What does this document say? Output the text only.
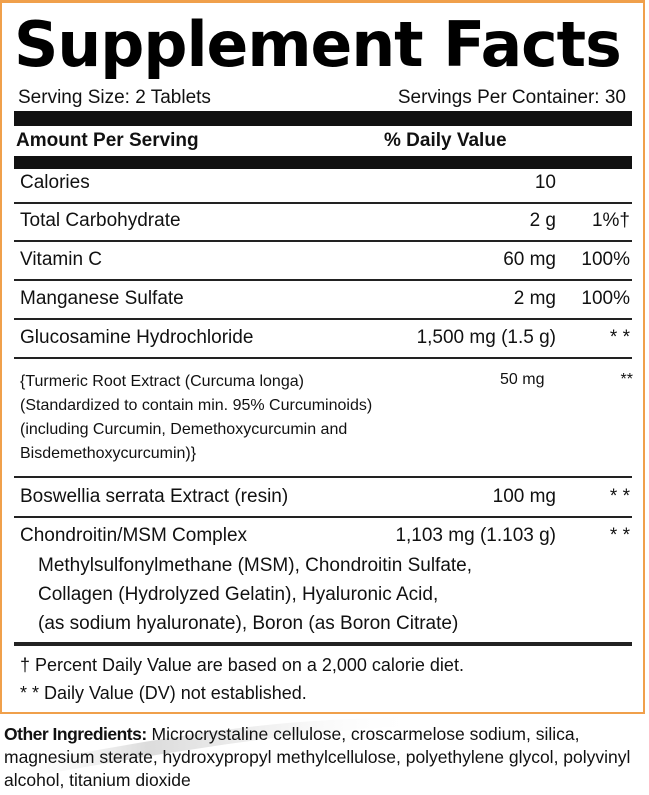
Supplement Facts
Serving Size: 2 Tablets	Servings Per Container: 30
Amount Per Serving	% Daily Value
Calories	10
Total Carbohydrate	2 g 1%†
Vitamin C	60 mg 100%
Manganese Sulfate	2 mg 100%
Glucosamine Hydrochloride	1,500 mg (1.5 g)	* *
{Turmeric Root Extract (Curcuma longa)
(Standardized to contain min. 95% Curcuminoids)
(including Curcumin, Demethoxycurcumin and
Bisdemethoxycurcumin)}
50 mg	**
Boswellia serrata Extract (resin)	100 mg	* *
Chondroitin/MSM Complex	1,103 mg (1.103 g)	* *
Methylsulfonylmethane (MSM), Chondroitin Sulfate,
Collagen (Hydrolyzed Gelatin), Hyaluronic Acid,
(as sodium hyaluronate), Boron (as Boron Citrate)
† Percent Daily Value are based on a 2,000 calorie diet.
* * Daily Value (DV) not established.
Other Ingredients: Microcrystaline cellulose, croscarmelose sodium, silica, magnesium sterate, hydroxypropyl methylcellulose, polyethylene glycol, polyvinyl alcohol, titanium dioxide
